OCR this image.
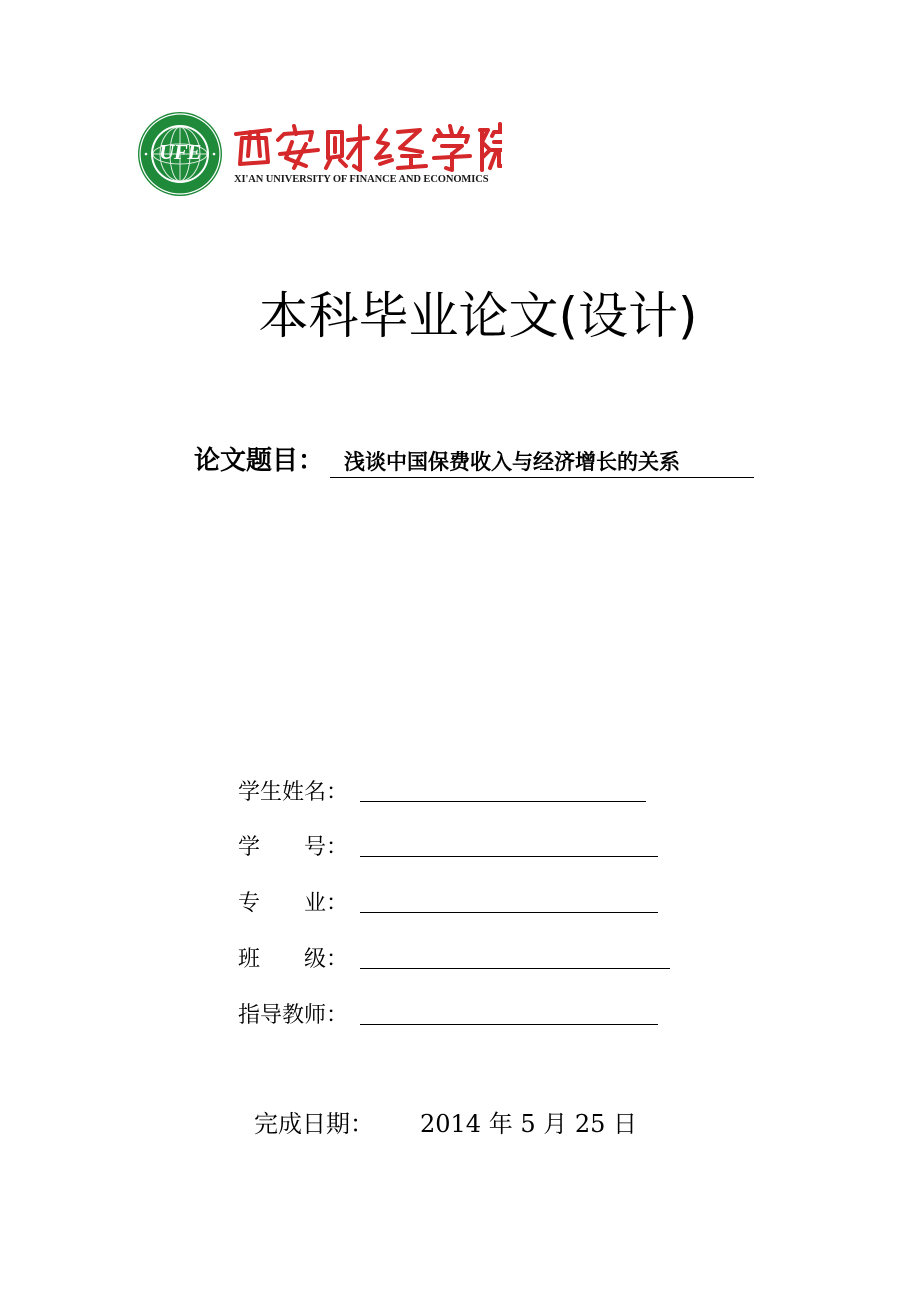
XI'AN UNIVERSITY OF FINANCE AND ECONOMICS
UFE
本科毕业论文(设计)
论文题目： 浅谈中国保费收入与经济增长的关系
学生姓名：
学　　号：
专　　业：
班　　级：
指导教师：
完成日期： 2014 年 5 月 25 日
